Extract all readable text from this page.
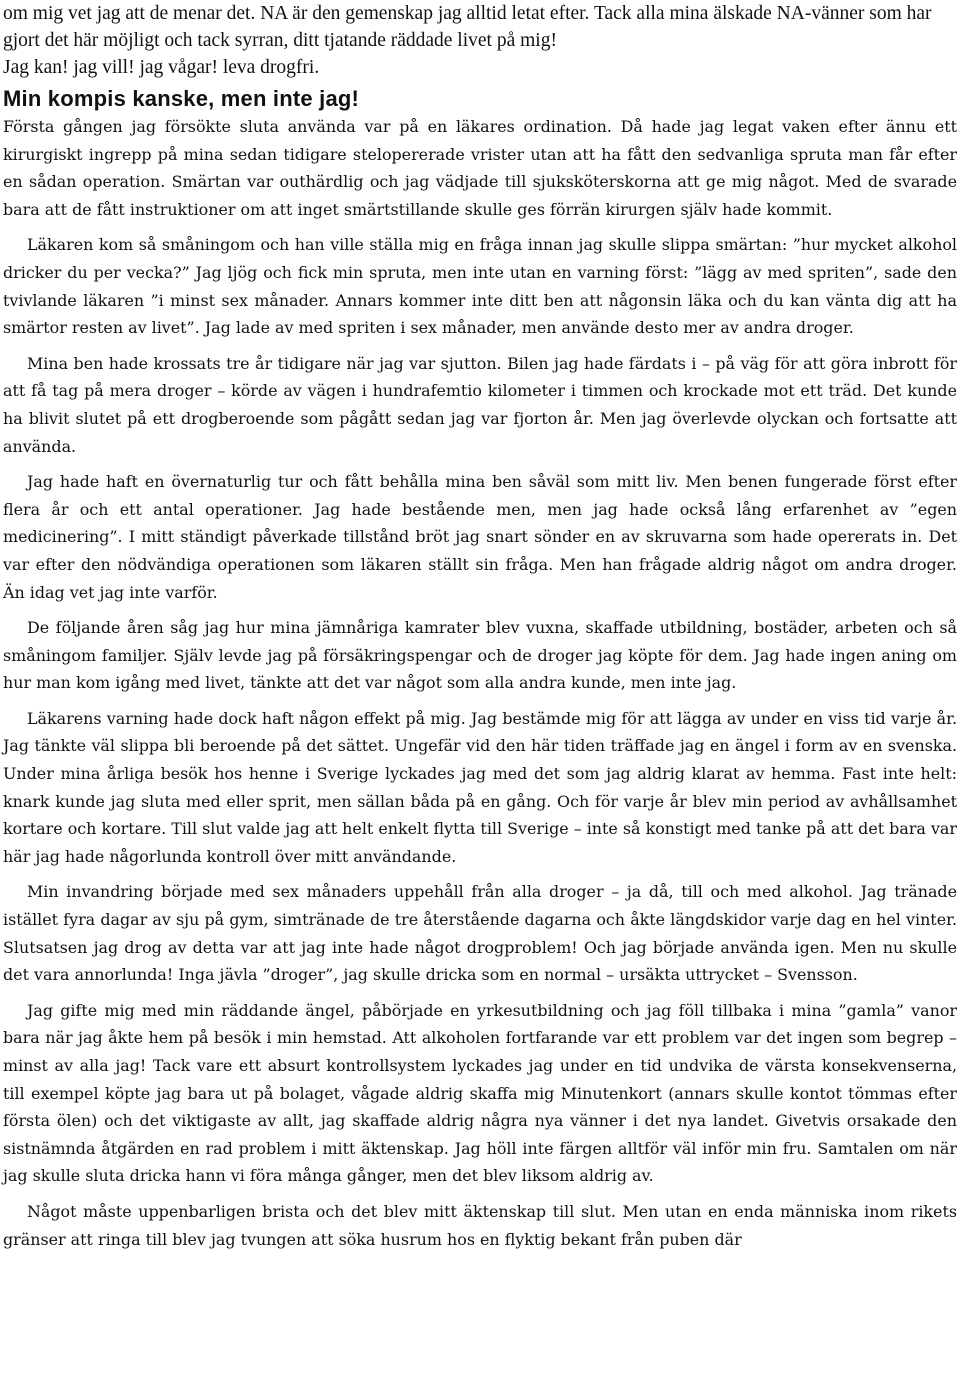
om mig vet jag att de menar det. NA är den gemenskap jag alltid letat efter. Tack alla mina älskade NA-vänner som har gjort det här möjligt och tack syrran, ditt tjatande räddade livet på mig!

Jag kan! jag vill! jag vågar! leva drogfri.

Min kompis kanske, men inte jag!

Första gången jag försökte sluta använda var på en läkares ordination. Då hade jag legat vaken efter ännu ett kirurgiskt ingrepp på mina sedan tidigare stelopererade vrister utan att ha fått den sedvanliga spruta man får efter en sådan operation. Smärtan var outhärdlig och jag vädjade till sjuksköterskorna att ge mig något. Med de svarade bara att de fått instruktioner om att inget smärtstillande skulle ges förrän kirurgen själv hade kommit.

Läkaren kom så småningom och han ville ställa mig en fråga innan jag skulle slippa smärtan: ”hur mycket alkohol dricker du per vecka?” Jag ljög och fick min spruta, men inte utan en varning först: ”lägg av med spriten”, sade den tvivlande läkaren ”i minst sex månader. Annars kommer inte ditt ben att någonsin läka och du kan vänta dig att ha smärtor resten av livet”. Jag lade av med spriten i sex månader, men använde desto mer av andra droger.

Mina ben hade krossats tre år tidigare när jag var sjutton. Bilen jag hade färdats i – på väg för att göra inbrott för att få tag på mera droger – körde av vägen i hundrafemtio kilometer i timmen och krockade mot ett träd. Det kunde ha blivit slutet på ett drogberoende som pågått sedan jag var fjorton år. Men jag överlevde olyckan och fortsatte att använda.

Jag hade haft en övernaturlig tur och fått behålla mina ben såväl som mitt liv. Men benen fungerade först efter flera år och ett antal operationer. Jag hade bestående men, men jag hade också lång erfarenhet av ”egen medicinering”. I mitt ständigt påverkade tillstånd bröt jag snart sönder en av skruvarna som hade opererats in. Det var efter den nödvändiga operationen som läkaren ställt sin fråga. Men han frågade aldrig något om andra droger. Än idag vet jag inte varför.

De följande åren såg jag hur mina jämnåriga kamrater blev vuxna, skaffade utbildning, bostäder, arbeten och så småningom familjer. Själv levde jag på försäkringspengar och de droger jag köpte för dem. Jag hade ingen aning om hur man kom igång med livet, tänkte att det var något som alla andra kunde, men inte jag.

Läkarens varning hade dock haft någon effekt på mig. Jag bestämde mig för att lägga av under en viss tid varje år. Jag tänkte väl slippa bli beroende på det sättet. Ungefär vid den här tiden träffade jag en ängel i form av en svenska. Under mina årliga besök hos henne i Sverige lyckades jag med det som jag aldrig klarat av hemma. Fast inte helt: knark kunde jag sluta med eller sprit, men sällan båda på en gång. Och för varje år blev min period av avhållsamhet kortare och kortare. Till slut valde jag att helt enkelt flytta till Sverige – inte så konstigt med tanke på att det bara var här jag hade någorlunda kontroll över mitt användande.

Min invandring började med sex månaders uppehåll från alla droger – ja då, till och med alkohol. Jag tränade istället fyra dagar av sju på gym, simtränade de tre återstående dagarna och åkte längdskidor varje dag en hel vinter. Slutsatsen jag drog av detta var att jag inte hade något drogproblem! Och jag började använda igen. Men nu skulle det vara annorlunda! Inga jävla ”droger”, jag skulle dricka som en normal – ursäkta uttrycket – Svensson.

Jag gifte mig med min räddande ängel, påbörjade en yrkesutbildning och jag föll tillbaka i mina ”gamla” vanor bara när jag åkte hem på besök i min hemstad. Att alkoholen fortfarande var ett problem var det ingen som begrep – minst av alla jag! Tack vare ett absurt kontrollsystem lyckades jag under en tid undvika de värsta konsekvenserna, till exempel köpte jag bara ut på bolaget, vågade aldrig skaffa mig Minutenkort (annars skulle kontot tömmas efter första ölen) och det viktigaste av allt, jag skaffade aldrig några nya vänner i det nya landet. Givetvis orsakade den sistnämnda åtgärden en rad problem i mitt äktenskap. Jag höll inte färgen alltför väl inför min fru. Samtalen om när jag skulle sluta dricka hann vi föra många gånger, men det blev liksom aldrig av.

Något måste uppenbarligen brista och det blev mitt äktenskap till slut. Men utan en enda människa inom rikets gränser att ringa till blev jag tvungen att söka husrum hos en flyktig bekant från puben där
